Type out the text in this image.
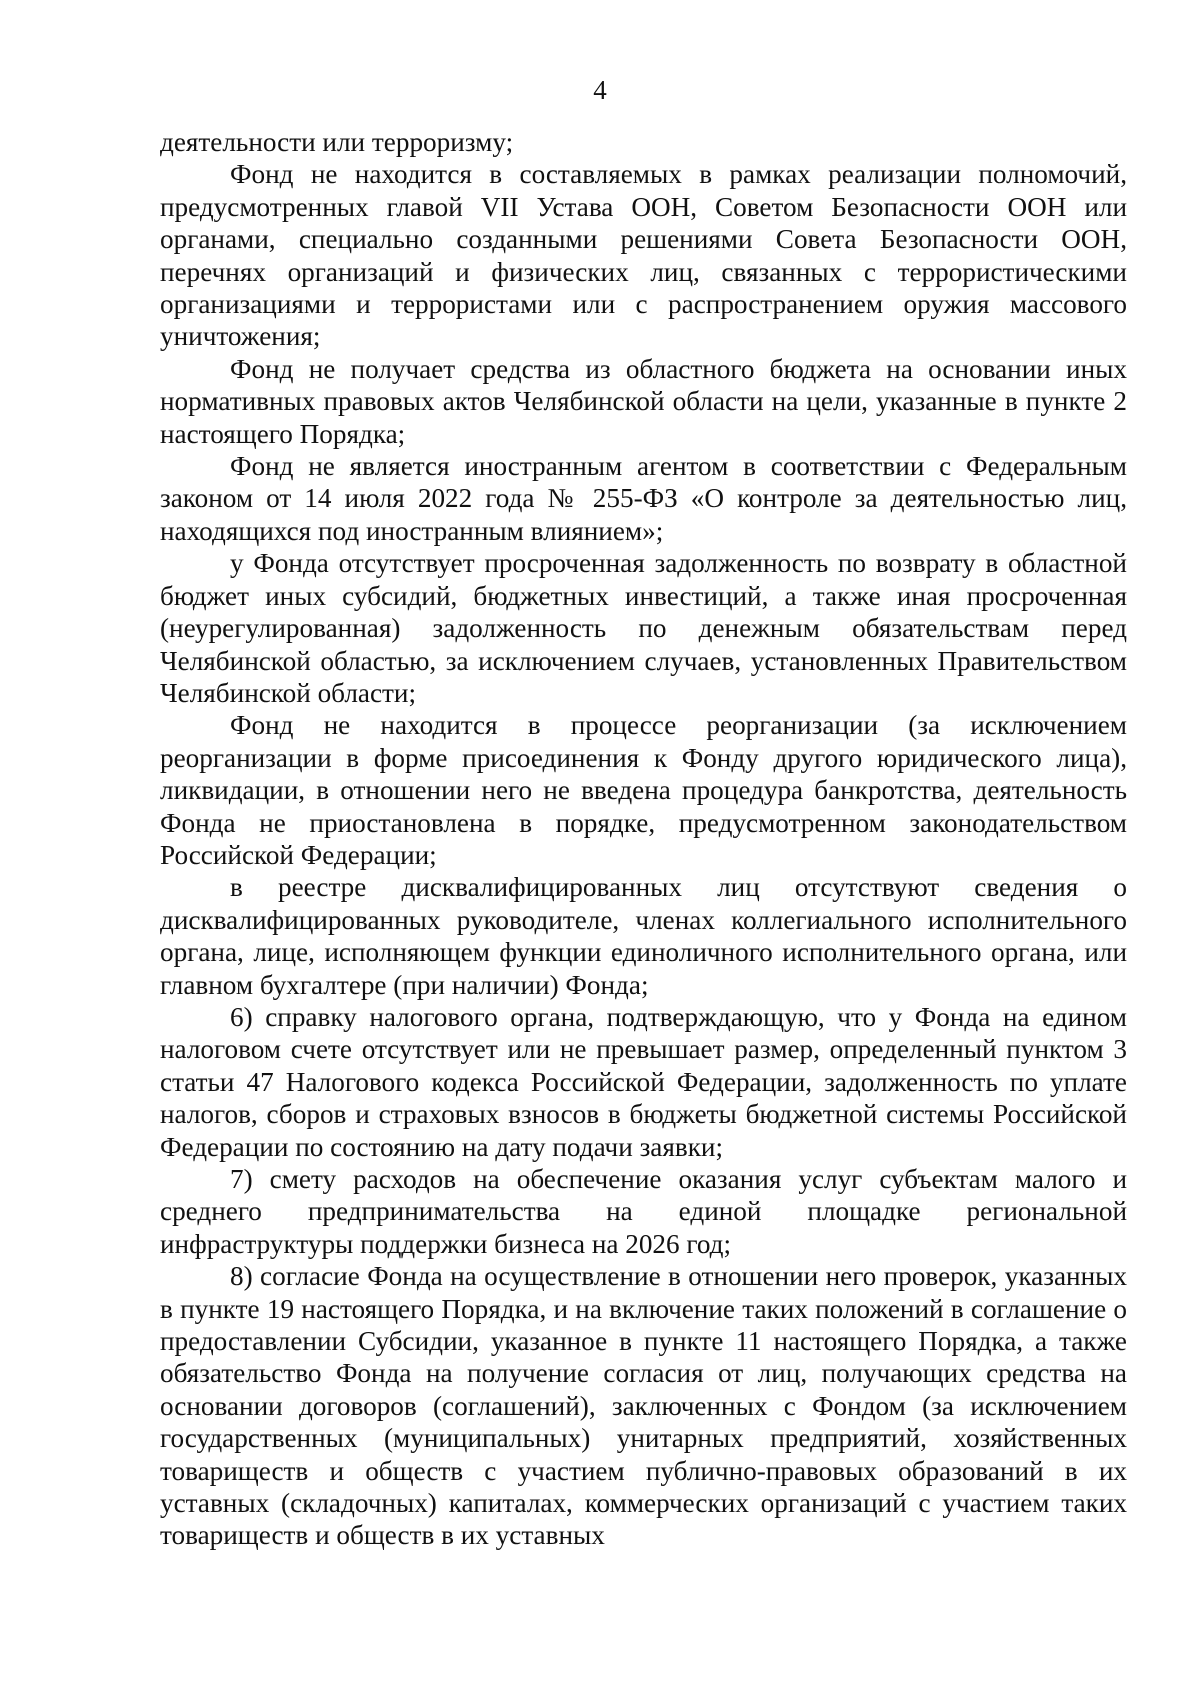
4

деятельности или терроризму;

Фонд не находится в составляемых в рамках реализации полномочий, предусмотренных главой VII Устава ООН, Советом Безопасности ООН или органами, специально созданными решениями Совета Безопасности ООН, перечнях организаций и физических лиц, связанных с террористическими организациями и террористами или с распространением оружия массового уничтожения;

Фонд не получает средства из областного бюджета на основании иных нормативных правовых актов Челябинской области на цели, указанные в пункте 2 настоящего Порядка;

Фонд не является иностранным агентом в соответствии с Федеральным законом от 14 июля 2022 года № 255-ФЗ «О контроле за деятельностью лиц, находящихся под иностранным влиянием»;

у Фонда отсутствует просроченная задолженность по возврату в областной бюджет иных субсидий, бюджетных инвестиций, а также иная просроченная (неурегулированная) задолженность по денежным обязательствам перед Челябинской областью, за исключением случаев, установленных Правительством Челябинской области;

Фонд не находится в процессе реорганизации (за исключением реорганизации в форме присоединения к Фонду другого юридического лица), ликвидации, в отношении него не введена процедура банкротства, деятельность Фонда не приостановлена в порядке, предусмотренном законодательством Российской Федерации;

в реестре дисквалифицированных лиц отсутствуют сведения о дисквалифицированных руководителе, членах коллегиального исполнительного органа, лице, исполняющем функции единоличного исполнительного органа, или главном бухгалтере (при наличии) Фонда;

6) справку налогового органа, подтверждающую, что у Фонда на едином налоговом счете отсутствует или не превышает размер, определенный пунктом 3 статьи 47 Налогового кодекса Российской Федерации, задолженность по уплате налогов, сборов и страховых взносов в бюджеты бюджетной системы Российской Федерации по состоянию на дату подачи заявки;

7) смету расходов на обеспечение оказания услуг субъектам малого и среднего предпринимательства на единой площадке региональной инфраструктуры поддержки бизнеса на 2026 год;

8) согласие Фонда на осуществление в отношении него проверок, указанных в пункте 19 настоящего Порядка, и на включение таких положений в соглашение о предоставлении Субсидии, указанное в пункте 11 настоящего Порядка, а также обязательство Фонда на получение согласия от лиц, получающих средства на основании договоров (соглашений), заключенных с Фондом (за исключением государственных (муниципальных) унитарных предприятий, хозяйственных товариществ и обществ с участием публично-правовых образований в их уставных (складочных) капиталах, коммерческих организаций с участием таких товариществ и обществ в их уставных
